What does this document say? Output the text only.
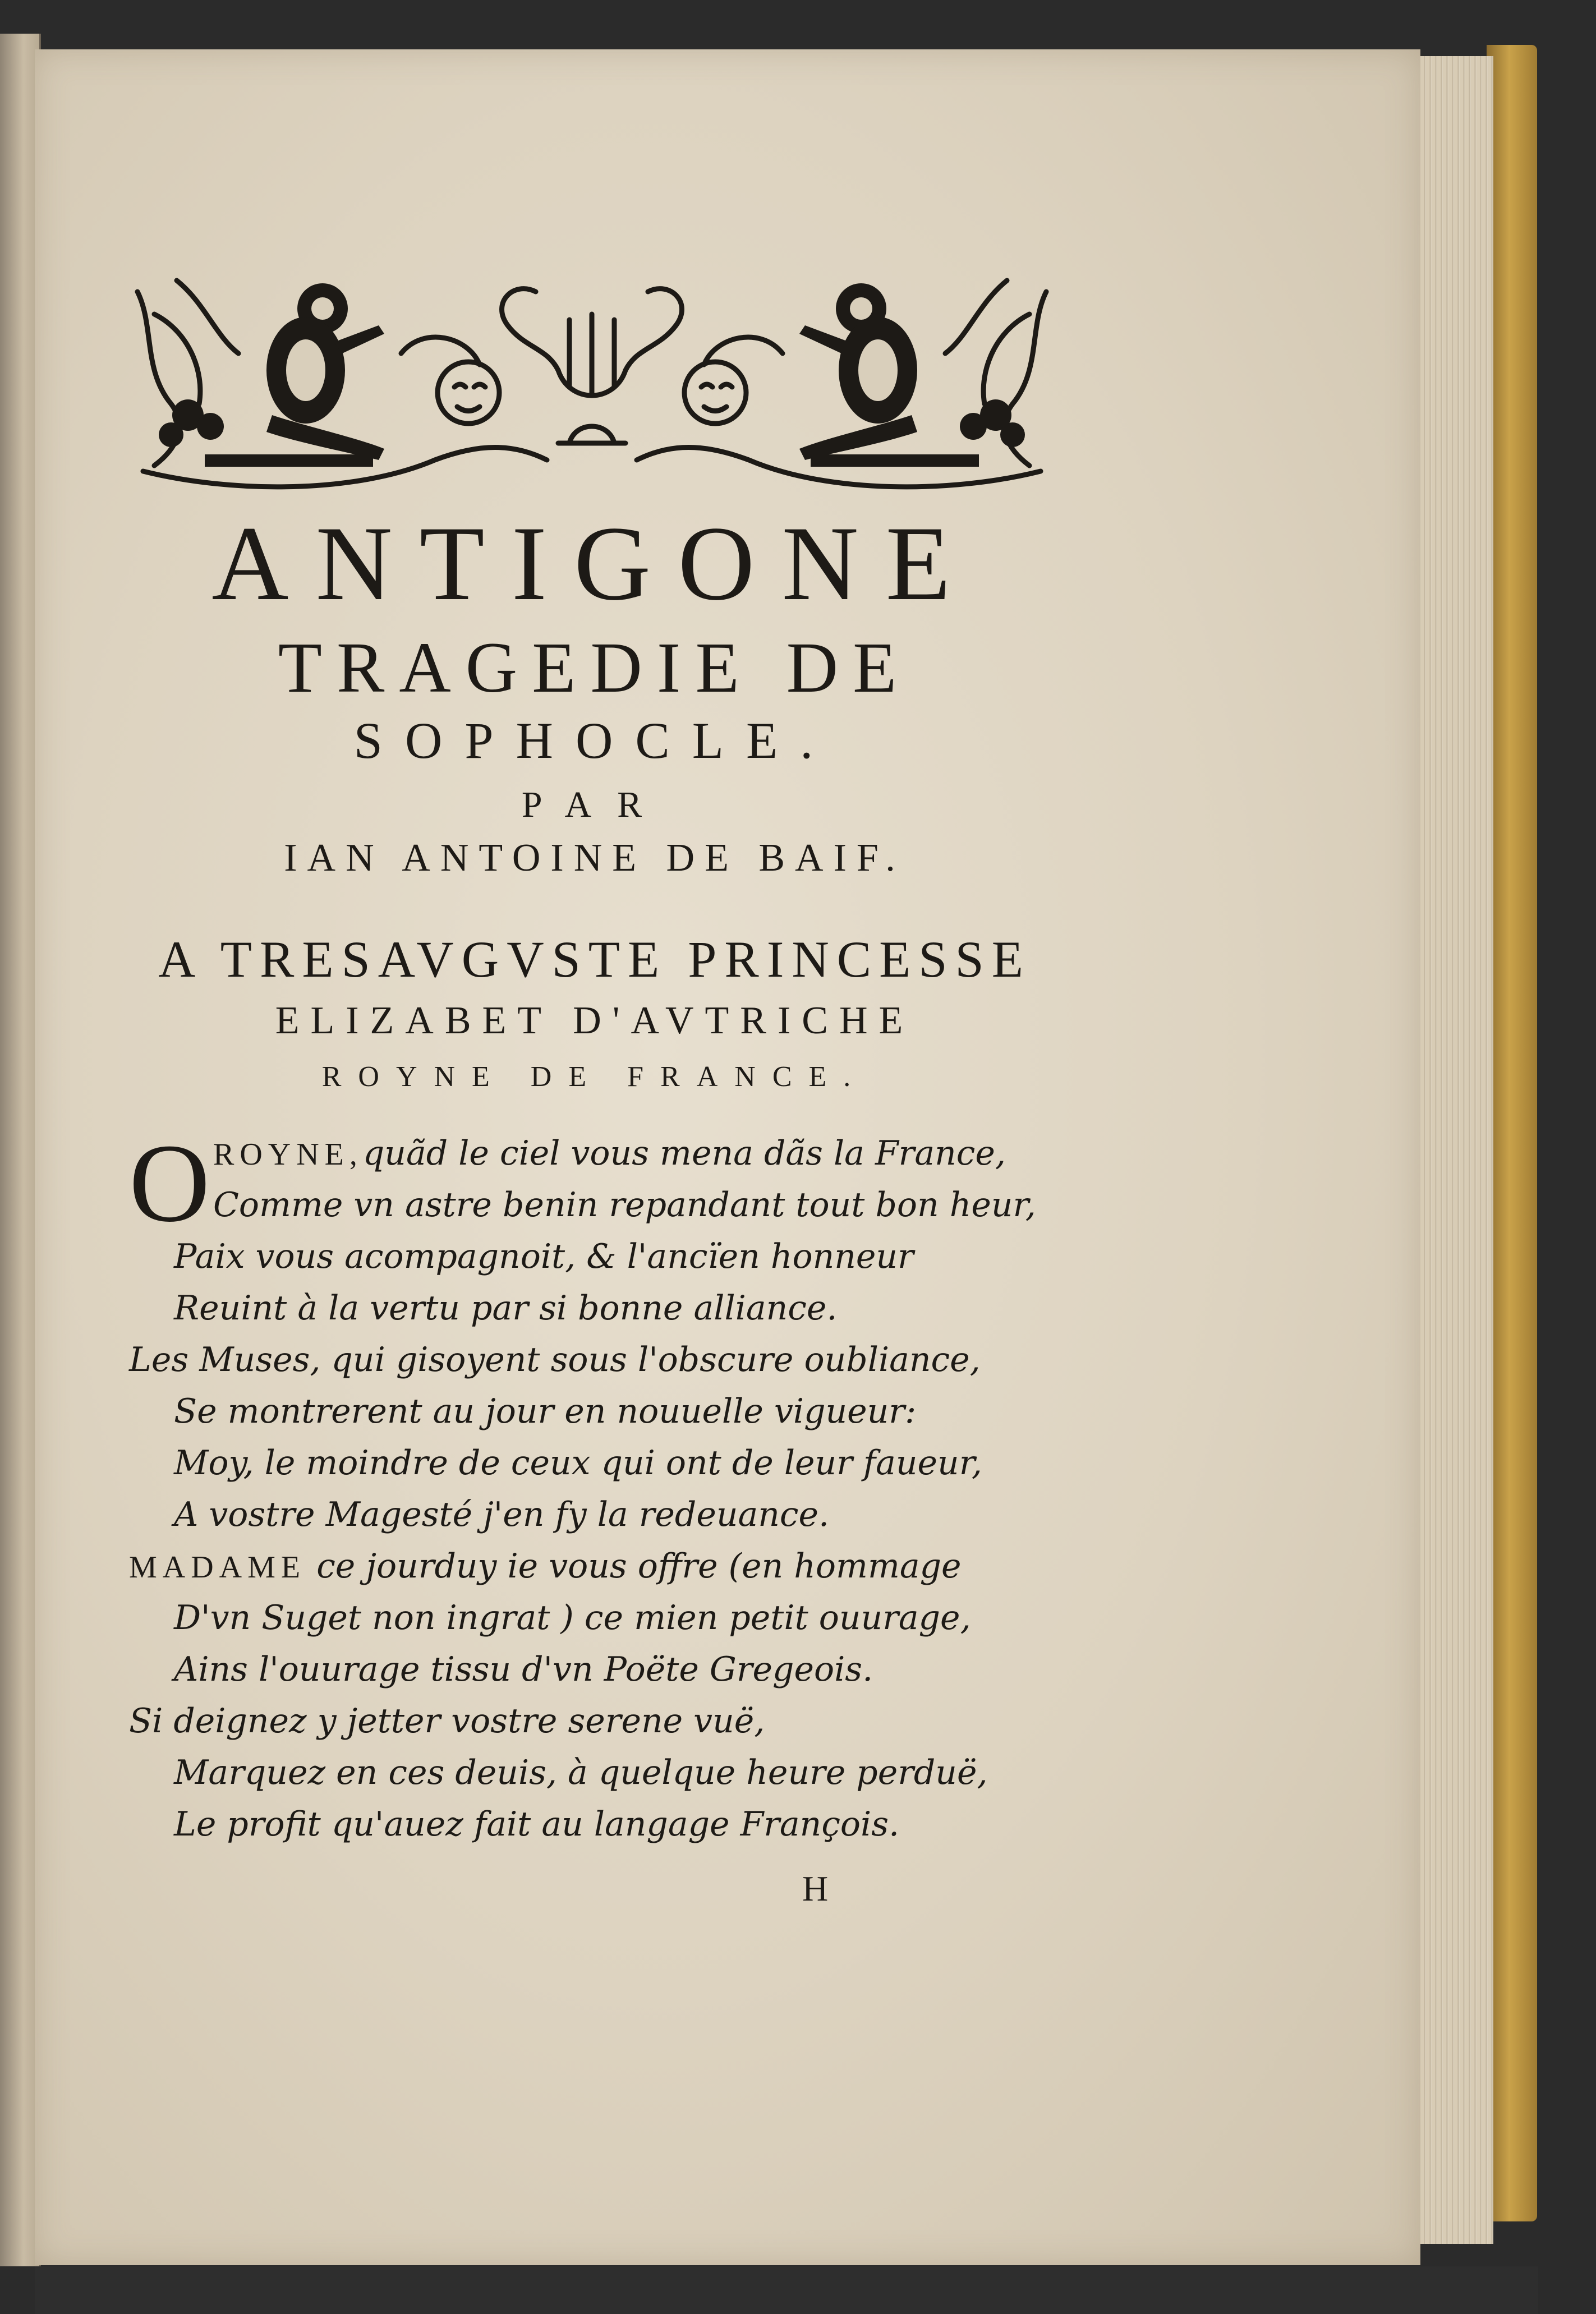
ANTIGONE
TRAGEDIE DE
SOPHOCLE.
PAR
IAN ANTOINE DE BAIF.
A TRESAVGVSTE PRINCESSE
ELIZABET D'AVTRICHE
ROYNE DE FRANCE.
O ROYNE,quãd le ciel vous mena dãs la France,
Comme vn astre benin repandant tout bon heur,
Paix vous acompagnoit, & l'ancïen honneur
Reuint à la vertu par si bonne alliance.
Les Muses, qui gisoyent sous l'obscure oubliance,
Se montrerent au jour en nouuelle vigueur:
Moy, le moindre de ceux qui ont de leur faueur,
A vostre Magesté j'en fy la redeuance.
MADAME ce jourduy ie vous offre (en hommage
D'vn Suget non ingrat ) ce mien petit ouurage,
Ains l'ouurage tissu d'vn Poëte Gregeois.
Si deignez y jetter vostre serene vuë,
Marquez en ces deuis, à quelque heure perduë,
Le profit qu'auez fait au langage François.
H
